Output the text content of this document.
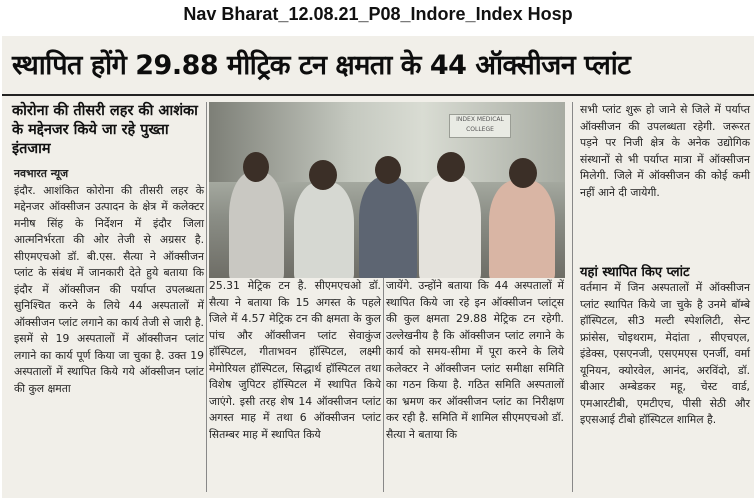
Nav Bharat_12.08.21_P08_Indore_Index Hosp
स्थापित होंगे 29.88 मीट्रिक टन क्षमता के 44 ऑक्सीजन प्लांट
कोरोना की तीसरी लहर की आशंका के मद्देनजर किये जा रहे पुख्ता इंतजाम

नवभारत न्यूज

इंदौर. आशंकित कोरोना की तीसरी लहर के मद्देनजर ऑक्सीजन उत्पादन के क्षेत्र में कलेक्टर मनीष सिंह के निर्देशन में इंदौर जिला आत्मनिर्भरता की ओर तेजी से अग्रसर है. सीएमएचओ डॉ. बी.एस. सैत्या ने ऑक्सीजन प्लांट के संबंध में जानकारी देते हुये बताया कि इंदौर में ऑक्सीजन की पर्याप्त उपलब्धता सुनिश्चित करने के लिये 44 अस्पतालों में ऑक्सीजन प्लांट लगाने का कार्य तेजी से जारी है. इसमें से 19 अस्पतालों में ऑक्सीजन प्लांट लगाने का कार्य पूर्ण किया जा चुका है. उक्त 19 अस्पतालों में स्थापित किये गये ऑक्सीजन प्लांट की कुल क्षमता

INDEX MEDICAL COLLEGE

25.31 मेट्रिक टन है. सीएमएचओ डॉ. सैत्या ने बताया कि 15 अगस्त के पहले जिले में 4.57 मेट्रिक टन की क्षमता के कुल पांच और ऑक्सीजन प्लांट सेवाकुंज हॉस्पिटल, गीताभवन हॉस्पिटल, लक्ष्मी मेमोरियल हॉस्पिटल, सिद्धार्थ हॉस्पिटल तथा विशेष जुपिटर हॉस्पिटल में स्थापित किये जाएंगे. इसी तरह शेष 14 ऑक्सीजन प्लांट अगस्त माह में तथा 6 ऑक्सीजन प्लांट सितम्बर माह में स्थापित किये

जायेंगे. उन्होंने बताया कि 44 अस्पतालों में स्थापित किये जा रहे इन ऑक्सीजन प्लांट्स की कुल क्षमता 29.88 मेट्रिक टन रहेगी. उल्लेखनीय है कि ऑक्सीजन प्लांट लगाने के कार्य को समय-सीमा में पूरा करने के लिये कलेक्टर ने ऑक्सीजन प्लांट समीक्षा समिति का गठन किया है. गठित समिति अस्पतालों का भ्रमण कर ऑक्सीजन प्लांट का निरीक्षण कर रही है. समिति में शामिल सीएमएचओ डॉ. सैत्या ने बताया कि

सभी प्लांट शुरू हो जाने से जिले में पर्याप्त ऑक्सीजन की उपलब्धता रहेगी. जरूरत पड़ने पर निजी क्षेत्र के अनेक उद्योगिक संस्थानों से भी पर्याप्त मात्रा में ऑक्सीजन मिलेगी. जिले में ऑक्सीजन की कोई कमी नहीं आने दी जायेगी.

यहां स्थापित किए प्लांट

वर्तमान में जिन अस्पतालों में ऑक्सीजन प्लांट स्थापित किये जा चुके है उनमे बॉम्बे हॉस्पिटल, सी3 मल्टी स्पेशलिटी, सेन्ट फ्रांसेस, चोइथराम, मेदांता , सीएचएल, इंडेक्स, एसएनजी, एसएमएस एनर्जी, वर्मा यूनियन, क्योरवेल, आनंद, अरविंदो, डॉ. बीआर अम्बेडकर महू, चेस्ट वार्ड, एमआरटीबी, एमटीएच, पीसी सेठी और इएसआई टीबो हॉस्पिटल शामिल है.
